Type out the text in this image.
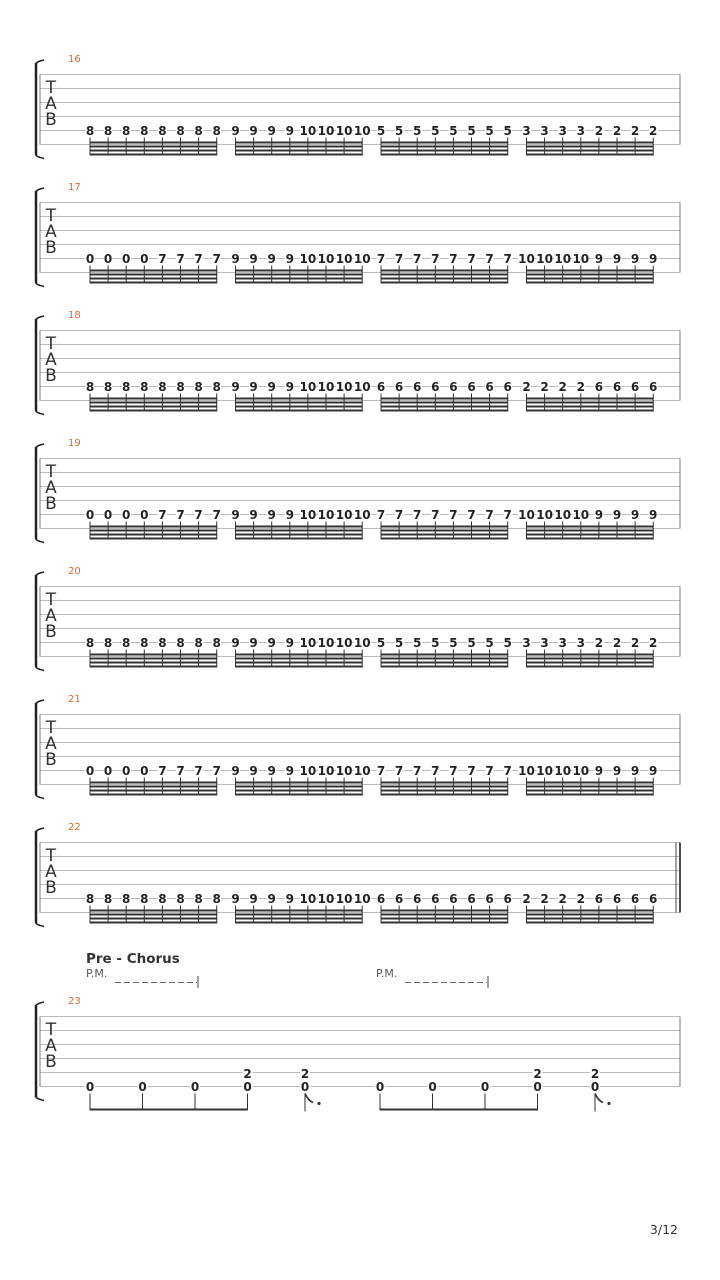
T
A
B
16
8 8 8 8 8 8 8 8 9 9 9 9 10 10 10 10 5 5 5 5 5 5 5 5 3 3 3 3 2 2 2 2
T
A
B
17
0 0 0 0 7 7 7 7 9 9 9 9 10 10 10 10 7 7 7 7 7 7 7 7 10 10 10 10 9 9 9 9
T
A
B
18
8 8 8 8 8 8 8 8 9 9 9 9 10 10 10 10 6 6 6 6 6 6 6 6 2 2 2 2 6 6 6 6
T
A
B
19
0 0 0 0 7 7 7 7 9 9 9 9 10 10 10 10 7 7 7 7 7 7 7 7 10 10 10 10 9 9 9 9
T
A
B
20
8 8 8 8 8 8 8 8 9 9 9 9 10 10 10 10 5 5 5 5 5 5 5 5 3 3 3 3 2 2 2 2
T
A
B
21
0 0 0 0 7 7 7 7 9 9 9 9 10 10 10 10 7 7 7 7 7 7 7 7 10 10 10 10 9 9 9 9
T
A
B
22
8 8 8 8 8 8 8 8 9 9 9 9 10 10 10 10 6 6 6 6 6 6 6 6 2 2 2 2 6 6 6 6
Pre - Chorus
P.M.	P.M.
T
A
B
23
0	0	0	0
2
0
2
0	0	0	0
2
0
2
3/12
